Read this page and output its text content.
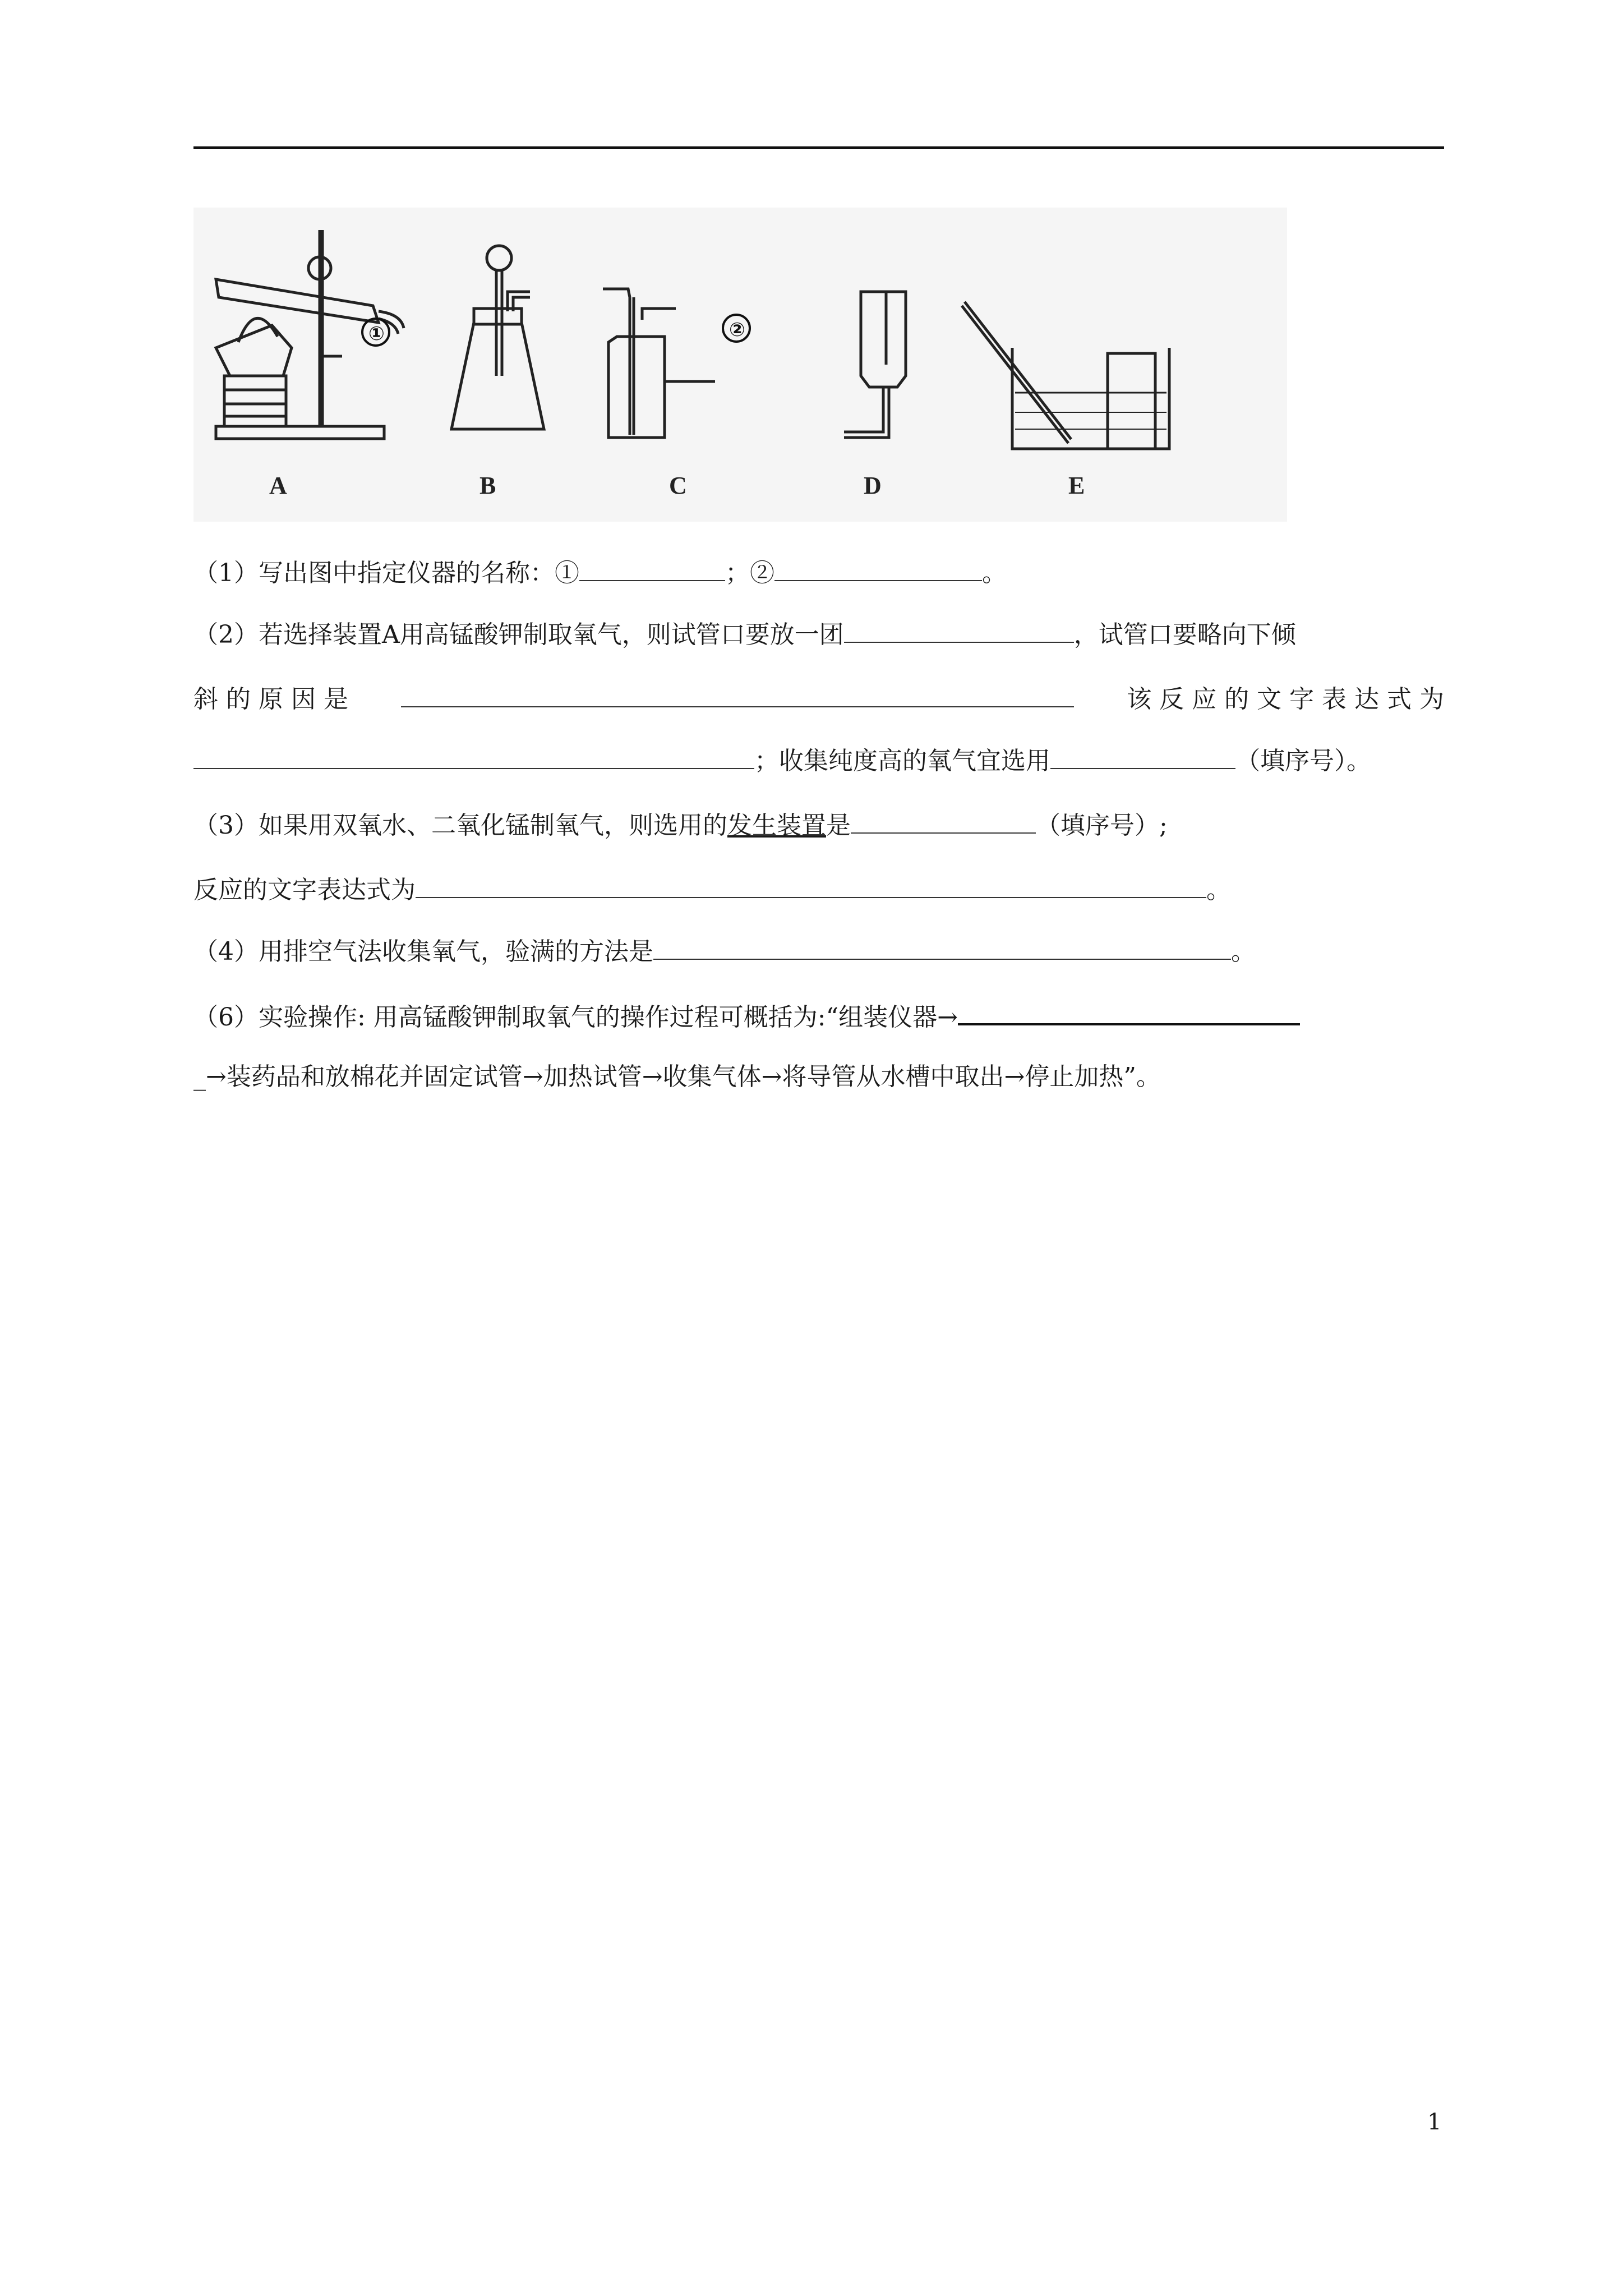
①	②
A	B	C	D	E
（1）写出图中指定仪器的名称：①	；②	。
（2）若选择装置A用高锰酸钾制取氧气，则试管口要放一团	，试管口要略向下倾
斜 的 原 因 是	该 反 应 的 文 字 表 达 式 为
；收集纯度高的氧气宜选用	（填序号）。
（3）如果用双氧水、二氧化锰制氧气，则选用的发生装置是	（填序号）;
反应的文字表达式为	。
（4）用排空气法收集氧气，验满的方法是	。
（6）实验操作: 用高锰酸钾制取氧气的操作过程可概括为:“组装仪器→
_→装药品和放棉花并固定试管→加热试管→收集气体→将导管从水槽中取出→停止加热”。
1
